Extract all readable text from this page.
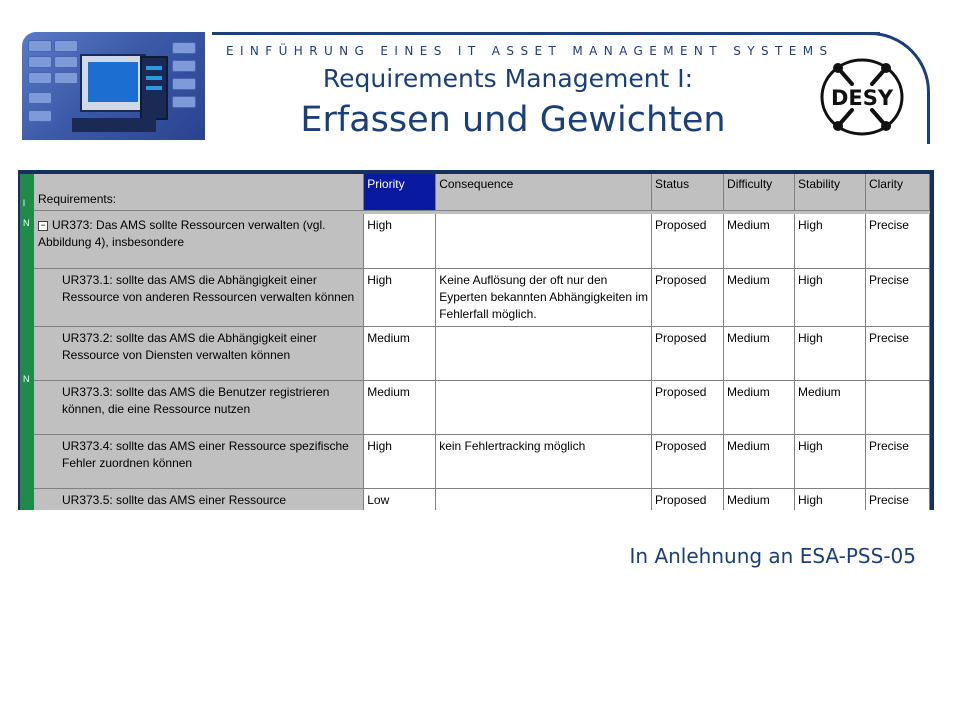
EINFÜHRUNG EINES IT ASSET MANAGEMENT SYSTEMS
Requirements Management I:
Erfassen und Gewichten
DESY
l
N
N
Requirements:	Priority	Consequence	Status	Difficulty	Stability	Clarity

− UR373: Das AMS sollte Ressourcen verwalten (vgl. Abbildung 4), insbesondere	High		Proposed	Medium	High	Precise
UR373.1: sollte das AMS die Abhängigkeit einer Ressource von anderen Ressourcen verwalten können	High	Keine Auflösung der oft nur den Eyperten bekannten Abhängigkeiten im Fehlerfall möglich.	Proposed	Medium	High	Precise
UR373.2: sollte das AMS die Abhängigkeit einer Ressource von Diensten verwalten können	Medium		Proposed	Medium	High	Precise
UR373.3: sollte das AMS die Benutzer registrieren können, die eine Ressource nutzen	Medium		Proposed	Medium	Medium	
UR373.4: sollte das AMS einer Ressource spezifische Fehler zuordnen können	High	kein Fehlertracking möglich	Proposed	Medium	High	Precise
UR373.5: sollte das AMS einer Ressource	Low		Proposed	Medium	High	Precise
In Anlehnung an ESA-PSS-05
